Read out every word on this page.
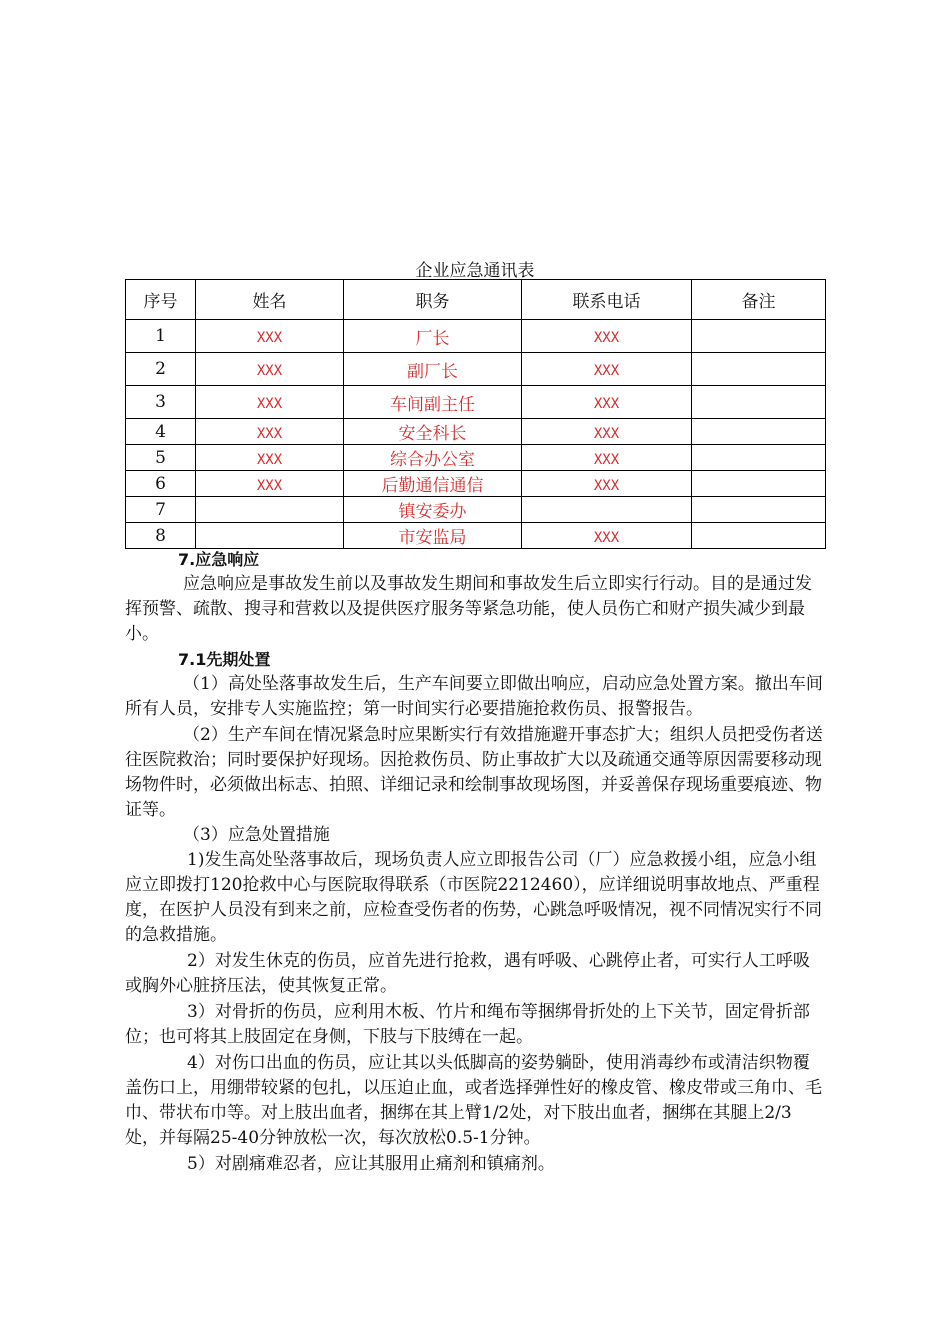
企业应急通讯表
序号	姓名	职务	联系电话	备注
1	XXX	厂长	XXX	
2	XXX	副厂长	XXX	
3	XXX	车间副主任	XXX	
4	XXX	安全科长	XXX	
5	XXX	综合办公室	XXX	
6	XXX	后勤通信通信	XXX	
7		镇安委办		
8		市安监局	XXX	

7.应急响应

应急响应是事故发生前以及事故发生期间和事故发生后立即实行行动。目的是通过发挥预警、疏散、搜寻和营救以及提供医疗服务等紧急功能，使人员伤亡和财产损失减少到最小。

7.1先期处置

（1）高处坠落事故发生后，生产车间要立即做出响应，启动应急处置方案。撤出车间所有人员，安排专人实施监控；第一时间实行必要措施抢救伤员、报警报告。

（2）生产车间在情况紧急时应果断实行有效措施避开事态扩大；组织人员把受伤者送往医院救治；同时要保护好现场。因抢救伤员、防止事故扩大以及疏通交通等原因需要移动现场物件时，必须做出标志、拍照、详细记录和绘制事故现场图，并妥善保存现场重要痕迹、物证等。

（3）应急处置措施

1)发生高处坠落事故后，现场负责人应立即报告公司（厂）应急救援小组，应急小组应立即拨打120抢救中心与医院取得联系（市医院2212460），应详细说明事故地点、严重程度，在医护人员没有到来之前，应检查受伤者的伤势，心跳急呼吸情况，视不同情况实行不同的急救措施。

2）对发生休克的伤员，应首先进行抢救，遇有呼吸、心跳停止者，可实行人工呼吸或胸外心脏挤压法，使其恢复正常。

3）对骨折的伤员，应利用木板、竹片和绳布等捆绑骨折处的上下关节，固定骨折部位；也可将其上肢固定在身侧，下肢与下肢缚在一起。

4）对伤口出血的伤员，应让其以头低脚高的姿势躺卧，使用消毒纱布或清洁织物覆盖伤口上，用绷带较紧的包扎，以压迫止血，或者选择弹性好的橡皮管、橡皮带或三角巾、毛巾、带状布巾等。对上肢出血者，捆绑在其上臂1/2处，对下肢出血者，捆绑在其腿上2/3处，并每隔25-40分钟放松一次，每次放松0.5-1分钟。

5）对剧痛难忍者，应让其服用止痛剂和镇痛剂。
